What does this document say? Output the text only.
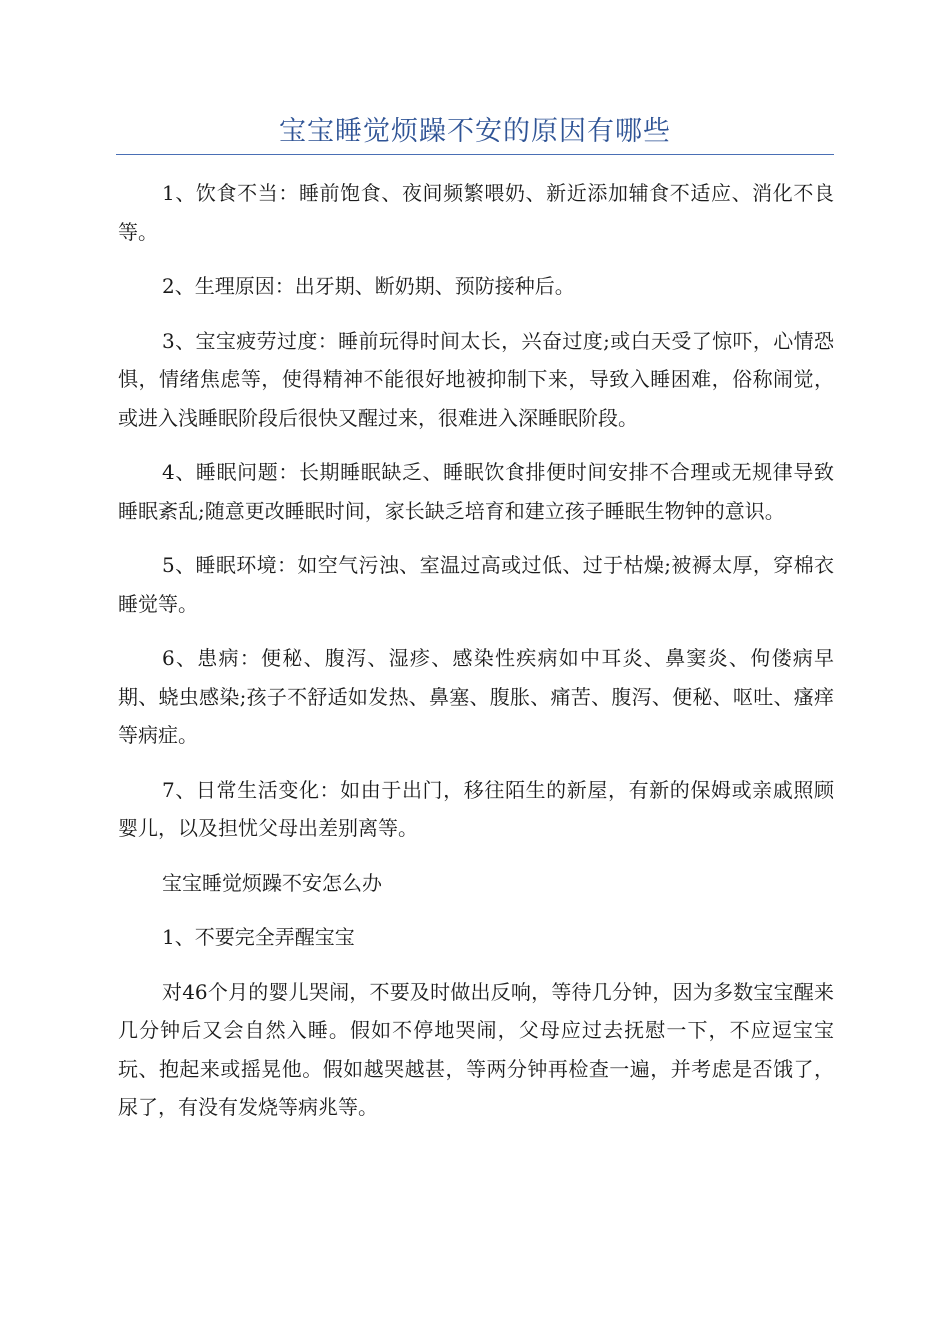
宝宝睡觉烦躁不安的原因有哪些

1、饮食不当：睡前饱食、夜间频繁喂奶、新近添加辅食不适应、消化不良等。

2、生理原因：出牙期、断奶期、预防接种后。

3、宝宝疲劳过度：睡前玩得时间太长，兴奋过度;或白天受了惊吓，心情恐惧，情绪焦虑等，使得精神不能很好地被抑制下来，导致入睡困难，俗称闹觉，或进入浅睡眠阶段后很快又醒过来，很难进入深睡眠阶段。

4、睡眠问题：长期睡眠缺乏、睡眠饮食排便时间安排不合理或无规律导致睡眠紊乱;随意更改睡眠时间，家长缺乏培育和建立孩子睡眠生物钟的意识。

5、睡眠环境：如空气污浊、室温过高或过低、过于枯燥;被褥太厚，穿棉衣睡觉等。

6、患病：便秘、腹泻、湿疹、感染性疾病如中耳炎、鼻窦炎、佝偻病早期、蛲虫感染;孩子不舒适如发热、鼻塞、腹胀、痛苦、腹泻、便秘、呕吐、瘙痒等病症。

7、日常生活变化：如由于出门，移往陌生的新屋，有新的保姆或亲戚照顾婴儿，以及担忧父母出差别离等。

宝宝睡觉烦躁不安怎么办

1、不要完全弄醒宝宝

对46个月的婴儿哭闹，不要及时做出反响，等待几分钟，因为多数宝宝醒来几分钟后又会自然入睡。假如不停地哭闹，父母应过去抚慰一下，不应逗宝宝玩、抱起来或摇晃他。假如越哭越甚，等两分钟再检查一遍，并考虑是否饿了，尿了，有没有发烧等病兆等。
